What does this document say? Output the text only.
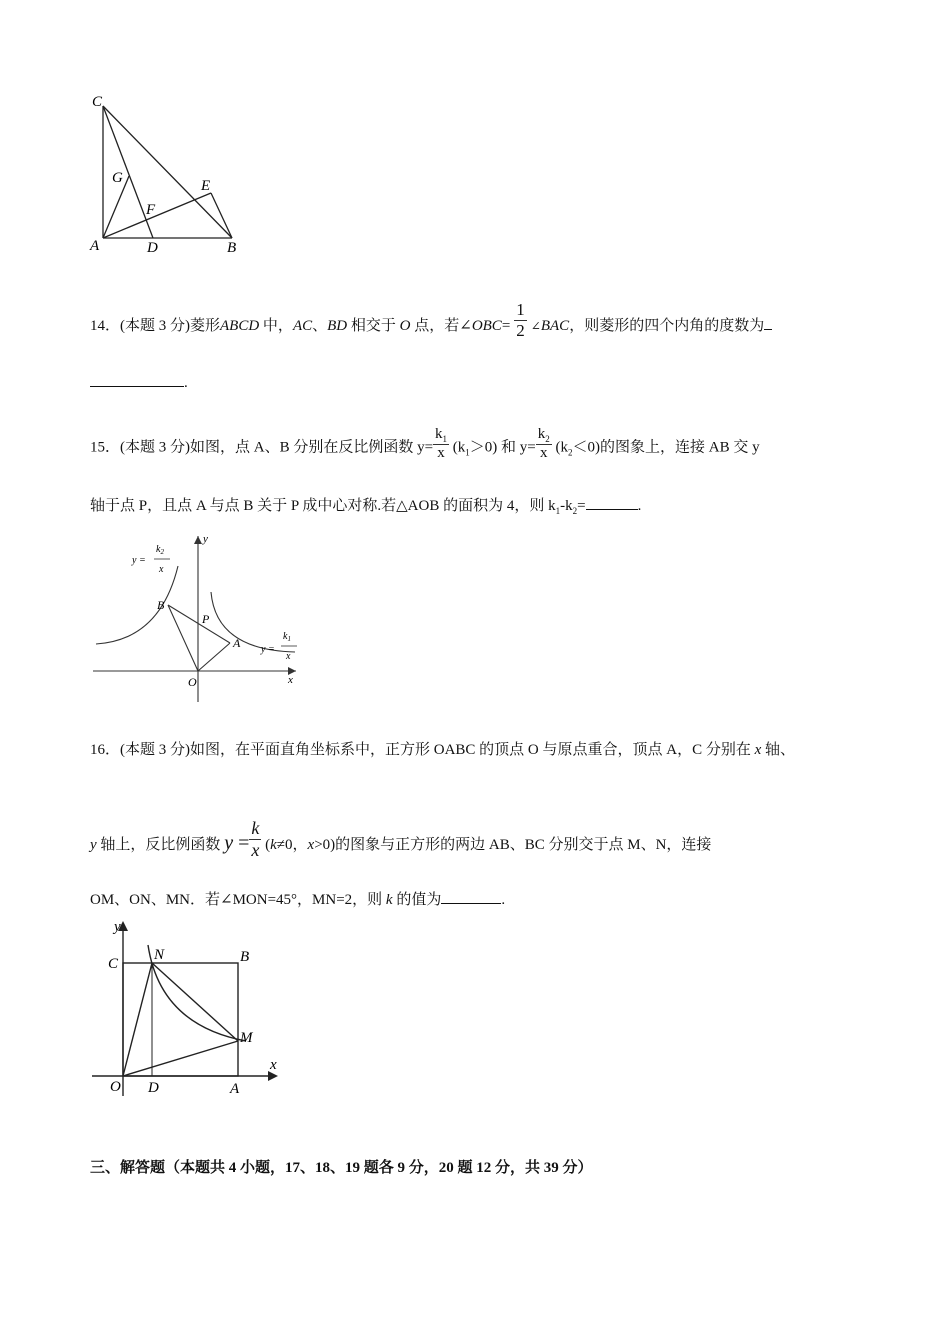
C
G	E
F
A	D	B
14．(本题 3 分)菱形ABCD 中，AC、BD 相交于 O 点，若∠OBC= $\frac{1}{2}$ ∠BAC，则菱形的四个内角的度数为
.
15．(本题 3 分)如图，点 A、B 分别在反比例函数 $y= \frac{k_1}{x} (k_1>0)$ 和 $y= \frac{k_2}{x} (k_2<0)$的图象上，连接 AB 交 y
轴于点 P，且点 A 与点 B 关于 P 成中心对称.若△AOB 的面积为 4，则 $k_1-k_2=$	.
y =
$k_2$
x
y =
$k_1$
x
B
P
A
O	x
y
16．(本题 3 分)如图，在平面直角坐标系中，正方形 OABC 的顶点 O 与原点重合，顶点 A，C 分别在 x 轴、
y 轴上，反比例函数 $y = \frac{k}{x} (k\ne 0$，x>0)的图象与正方形的两边 AB、BC 分别交于点 M、N，连接
OM、ON、MN．若∠MON=45°，MN=2，则 k 的值为	.
y
C
N	B
M
x
O D	A
三、解答题（本题共 4 小题，17、18、19 题各 9 分，20 题 12 分，共 39 分）
